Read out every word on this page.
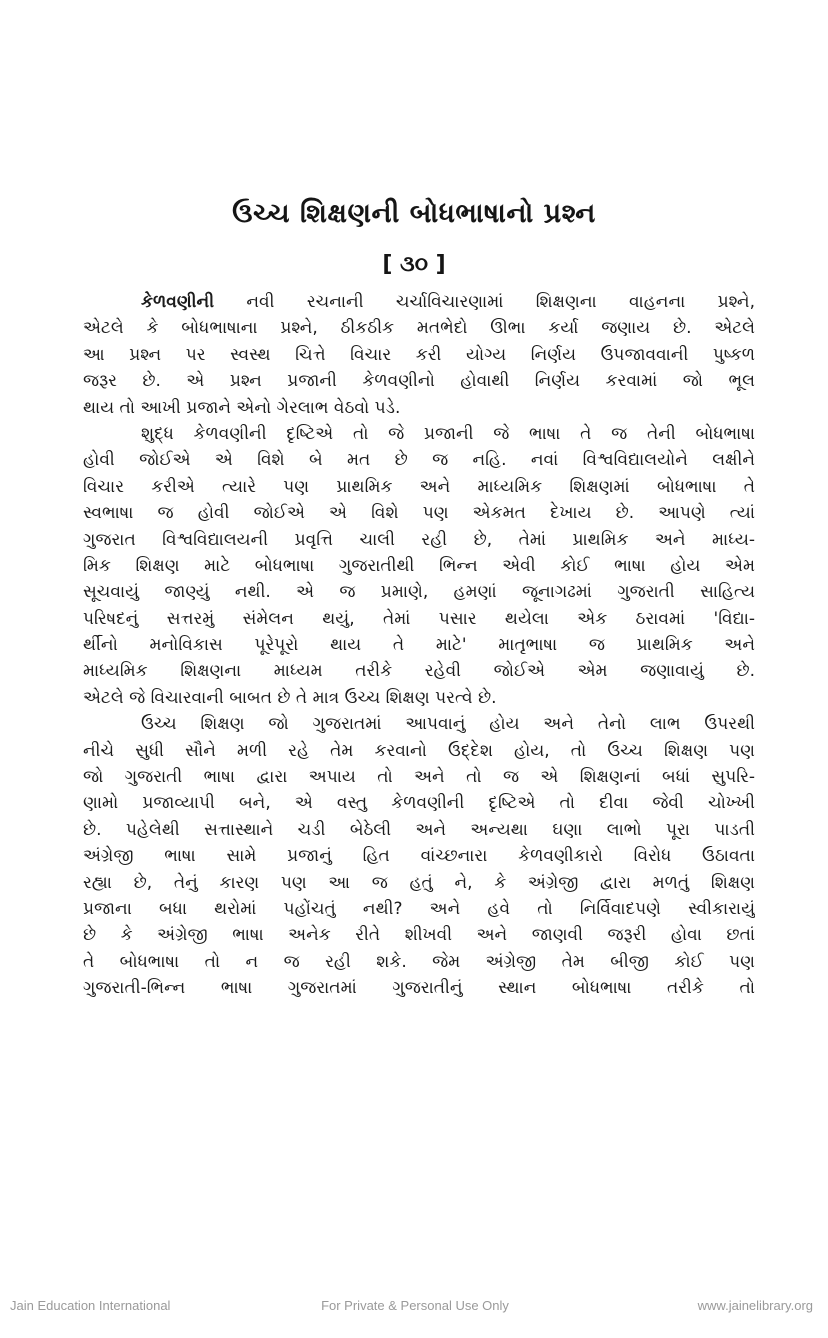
ઉચ્ચ શિક્ષણની બોધભાષાનો પ્રશ્ન
[ ૩૦ ]
કેળવણીની નવી રચનાની ચર્ચાવિચારણામાં શિક્ષણના વાહનના પ્રશ્ને,
એટલે કે બોધભાષાના પ્રશ્ને, ઠીકઠીક મતભેદો ઊભા કર્યા જણાય છે. એટલે
આ પ્રશ્ન પર સ્વસ્થ ચિત્તે વિચાર કરી યોગ્ય નિર્ણય ઉપજાવવાની પુષ્કળ
જરૂર છે. એ પ્રશ્ન પ્રજાની કેળવણીનો હોવાથી નિર્ણય કરવામાં જો ભૂલ
થાય તો આખી પ્રજાને એનો ગેરલાભ વેઠવો પડે.
શુદ્ધ કેળવણીની દૃષ્ટિએ તો જે પ્રજાની જે ભાષા તે જ તેની બોધભાષા
હોવી જોઈએ એ વિશે બે મત છે જ નહિ. નવાં વિશ્વવિદ્યાલયોને લક્ષીને
વિચાર કરીએ ત્યારે પણ પ્રાથમિક અને માધ્યમિક શિક્ષણમાં બોધભાષા તે
સ્વભાષા જ હોવી જોઈએ એ વિશે પણ એકમત દેખાય છે. આપણે ત્યાં
ગુજરાત વિશ્વવિદ્યાલયની પ્રવૃત્તિ ચાલી રહી છે, તેમાં પ્રાથમિક અને માધ્ય-
મિક શિક્ષણ માટે બોધભાષા ગુજરાતીથી ભિન્ન એવી કોઈ ભાષા હોય એમ
સૂચવાયું જાણ્યું નથી. એ જ પ્રમાણે, હમણાં જૂનાગઢમાં ગુજરાતી સાહિત્ય
પરિષદનું સત્તરમું સંમેલન થયું, તેમાં પસાર થયેલા એક ઠરાવમાં 'વિદ્યા-
ર્થીનો મનોવિકાસ પૂરેપૂરો થાય તે માટે' માતૃભાષા જ પ્રાથમિક અને
માધ્યમિક શિક્ષણના માધ્યમ તરીકે રહેવી જોઈએ એમ જણાવાયું છે.
એટલે જે વિચારવાની બાબત છે તે માત્ર ઉચ્ચ શિક્ષણ પરત્વે છે.
ઉચ્ચ શિક્ષણ જો ગુજરાતમાં આપવાનું હોય અને તેનો લાભ ઉપરથી
નીચે સુધી સૌને મળી રહે તેમ કરવાનો ઉદ્દેશ હોય, તો ઉચ્ચ શિક્ષણ પણ
જો ગુજરાતી ભાષા દ્વારા અપાય તો અને તો જ એ શિક્ષણનાં બધાં સુપરિ-
ણામો પ્રજાવ્યાપી બને, એ વસ્તુ કેળવણીની દૃષ્ટિએ તો દીવા જેવી ચોખ્ખી
છે. પહેલેથી સત્તાસ્થાને ચડી બેઠેલી અને અન્યથા ઘણા લાભો પૂરા પાડતી
અંગ્રેજી ભાષા સામે પ્રજાનું હિત વાંચ્છનારા કેળવણીકારો વિરોધ ઉઠાવતા
રહ્યા છે, તેનું કારણ પણ આ જ હતું ને, કે અંગ્રેજી દ્વારા મળતું શિક્ષણ
પ્રજાના બધા થરોમાં પહોંચતું નથી? અને હવે તો નિર્વિવાદપણે સ્વીકારાયું
છે કે અંગ્રેજી ભાષા અનેક રીતે શીખવી અને જાણવી જરૂરી હોવા છતાં
તે બોધભાષા તો ન જ રહી શકે. જેમ અંગ્રેજી તેમ બીજી કોઈ પણ
ગુજરાતી-ભિન્ન ભાષા ગુજરાતમાં ગુજરાતીનું સ્થાન બોધભાષા તરીકે તો
Jain Education International	For Private & Personal Use Only	www.jainelibrary.org
